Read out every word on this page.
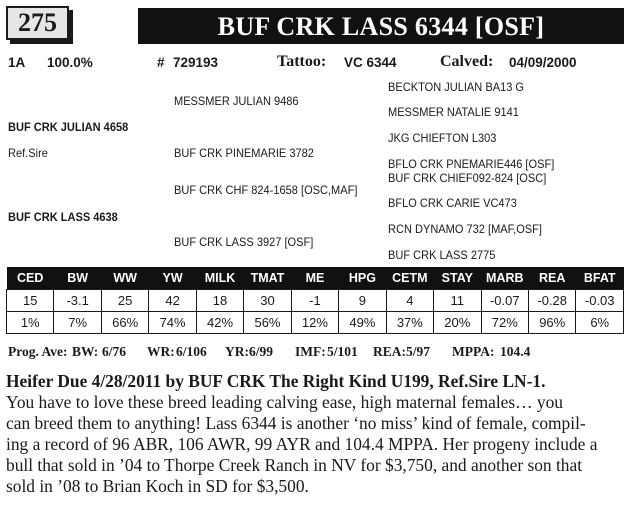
275	BUF CRK LASS 6344 [OSF]
1A 100.0%	# 729193	Tattoo: VC 6344	Calved: 04/09/2000
BECKTON JULIAN BA13 G
MESSMER JULIAN 9486
MESSMER NATALIE 9141
BUF CRK JULIAN 4658
JKG CHIEFTON L303
Ref.Sire	BUF CRK PINEMARIE 3782
BFLO CRK PNEMARIE446 [OSF]
BUF CRK CHIEF092-824 [OSC]
BUF CRK CHF 824-1658 [OSC,MAF]
BFLO CRK CARIE VC473
BUF CRK LASS 4638
RCN DYNAMO 732 [MAF,OSF]
BUF CRK LASS 3927 [OSF]
BUF CRK LASS 2775
CED	BW	WW	YW	MILK	TMAT	ME	HPG	CETM	STAY	MARB	REA	BFAT
15	-3.1	25	42	18	30	-1	9	4	11	-0.07	-0.28	-0.03
1%	7%	66%	74%	42%	56%	12%	49%	37%	20%	72%	96%	6%
Prog. Ave: BW: 6/76 WR: 6/106 YR: 6/99 IMF: 5/101 REA: 5/97 MPPA: 104.4
Heifer Due 4/28/2011 by BUF CRK The Right Kind U199, Ref.Sire LN-1.
You have to love these breed leading calving ease, high maternal females… you
can breed them to anything! Lass 6344 is another ‘no miss’ kind of female, compil-
ing a record of 96 ABR, 106 AWR, 99 AYR and 104.4 MPPA. Her progeny include a
bull that sold in ’04 to Thorpe Creek Ranch in NV for $3,750, and another son that
sold in ’08 to Brian Koch in SD for $3,500.
